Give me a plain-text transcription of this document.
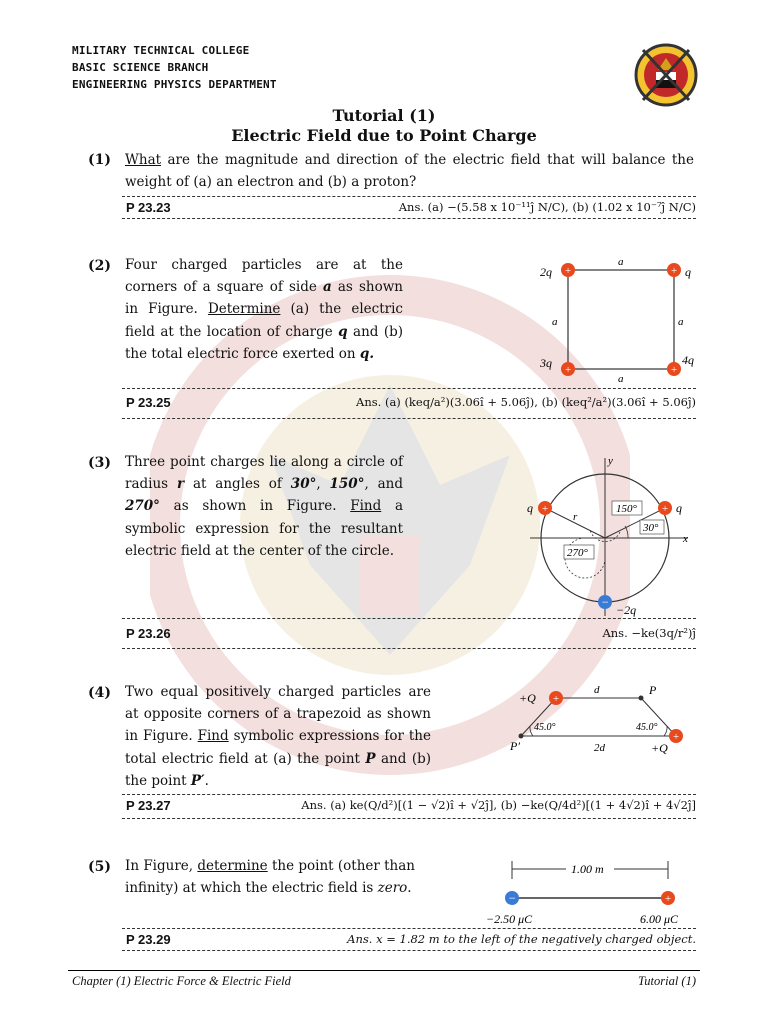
MILITARY TECHNICAL COLLEGE
BASIC SCIENCE BRANCH
ENGINEERING PHYSICS DEPARTMENT
Tutorial (1)
Electric Field due to Point Charge
(1) What are the magnitude and direction of the electric field that will balance the weight of (a) an electron and (b) a proton?
P 23.23	Ans. (a) −(5.58 x 10⁻¹¹ĵ N/C), (b) (1.02 x 10⁻⁷ĵ N/C)
(2) Four charged particles are at the corners of a square of side a as shown in Figure. Determine (a) the electric field at the location of charge q and (b) the total electric force exerted on q.
+	+
+	+
2q	q
3q	4q
a
a	a
a
P 23.25	Ans. (a) (keq/a²)(3.06î + 5.06ĵ), (b) (keq²/a²)(3.06î + 5.06ĵ)
(3) Three point charges lie along a circle of radius r at angles of 30°, 150°, and 270° as shown in Figure. Find a symbolic expression for the resultant electric field at the center of the circle.
+	+
−
q	q
−2q
r
x
y
150°
30°
270°
P 23.26	Ans. −ke(3q/r²)ĵ
(4) Two equal positively charged particles are at opposite corners of a trapezoid as shown in Figure. Find symbolic expressions for the total electric field at (a) the point P and (b) the point P′.
+
+
+Q
+Q
P
P′
d
2d
45.0°	45.0°
P 23.27	Ans. (a) ke(Q/d²)[(1 − √2)î + √2ĵ], (b) −ke(Q/4d²)[(1 + 4√2)î + 4√2ĵ]
(5) In Figure, determine the point (other than infinity) at which the electric field is zero.
1.00 m
−	+
−2.50 μC	6.00 μC
P 23.29	Ans. x = 1.82 m to the left of the negatively charged object.
Chapter (1) Electric Force & Electric Field	Tutorial (1)
